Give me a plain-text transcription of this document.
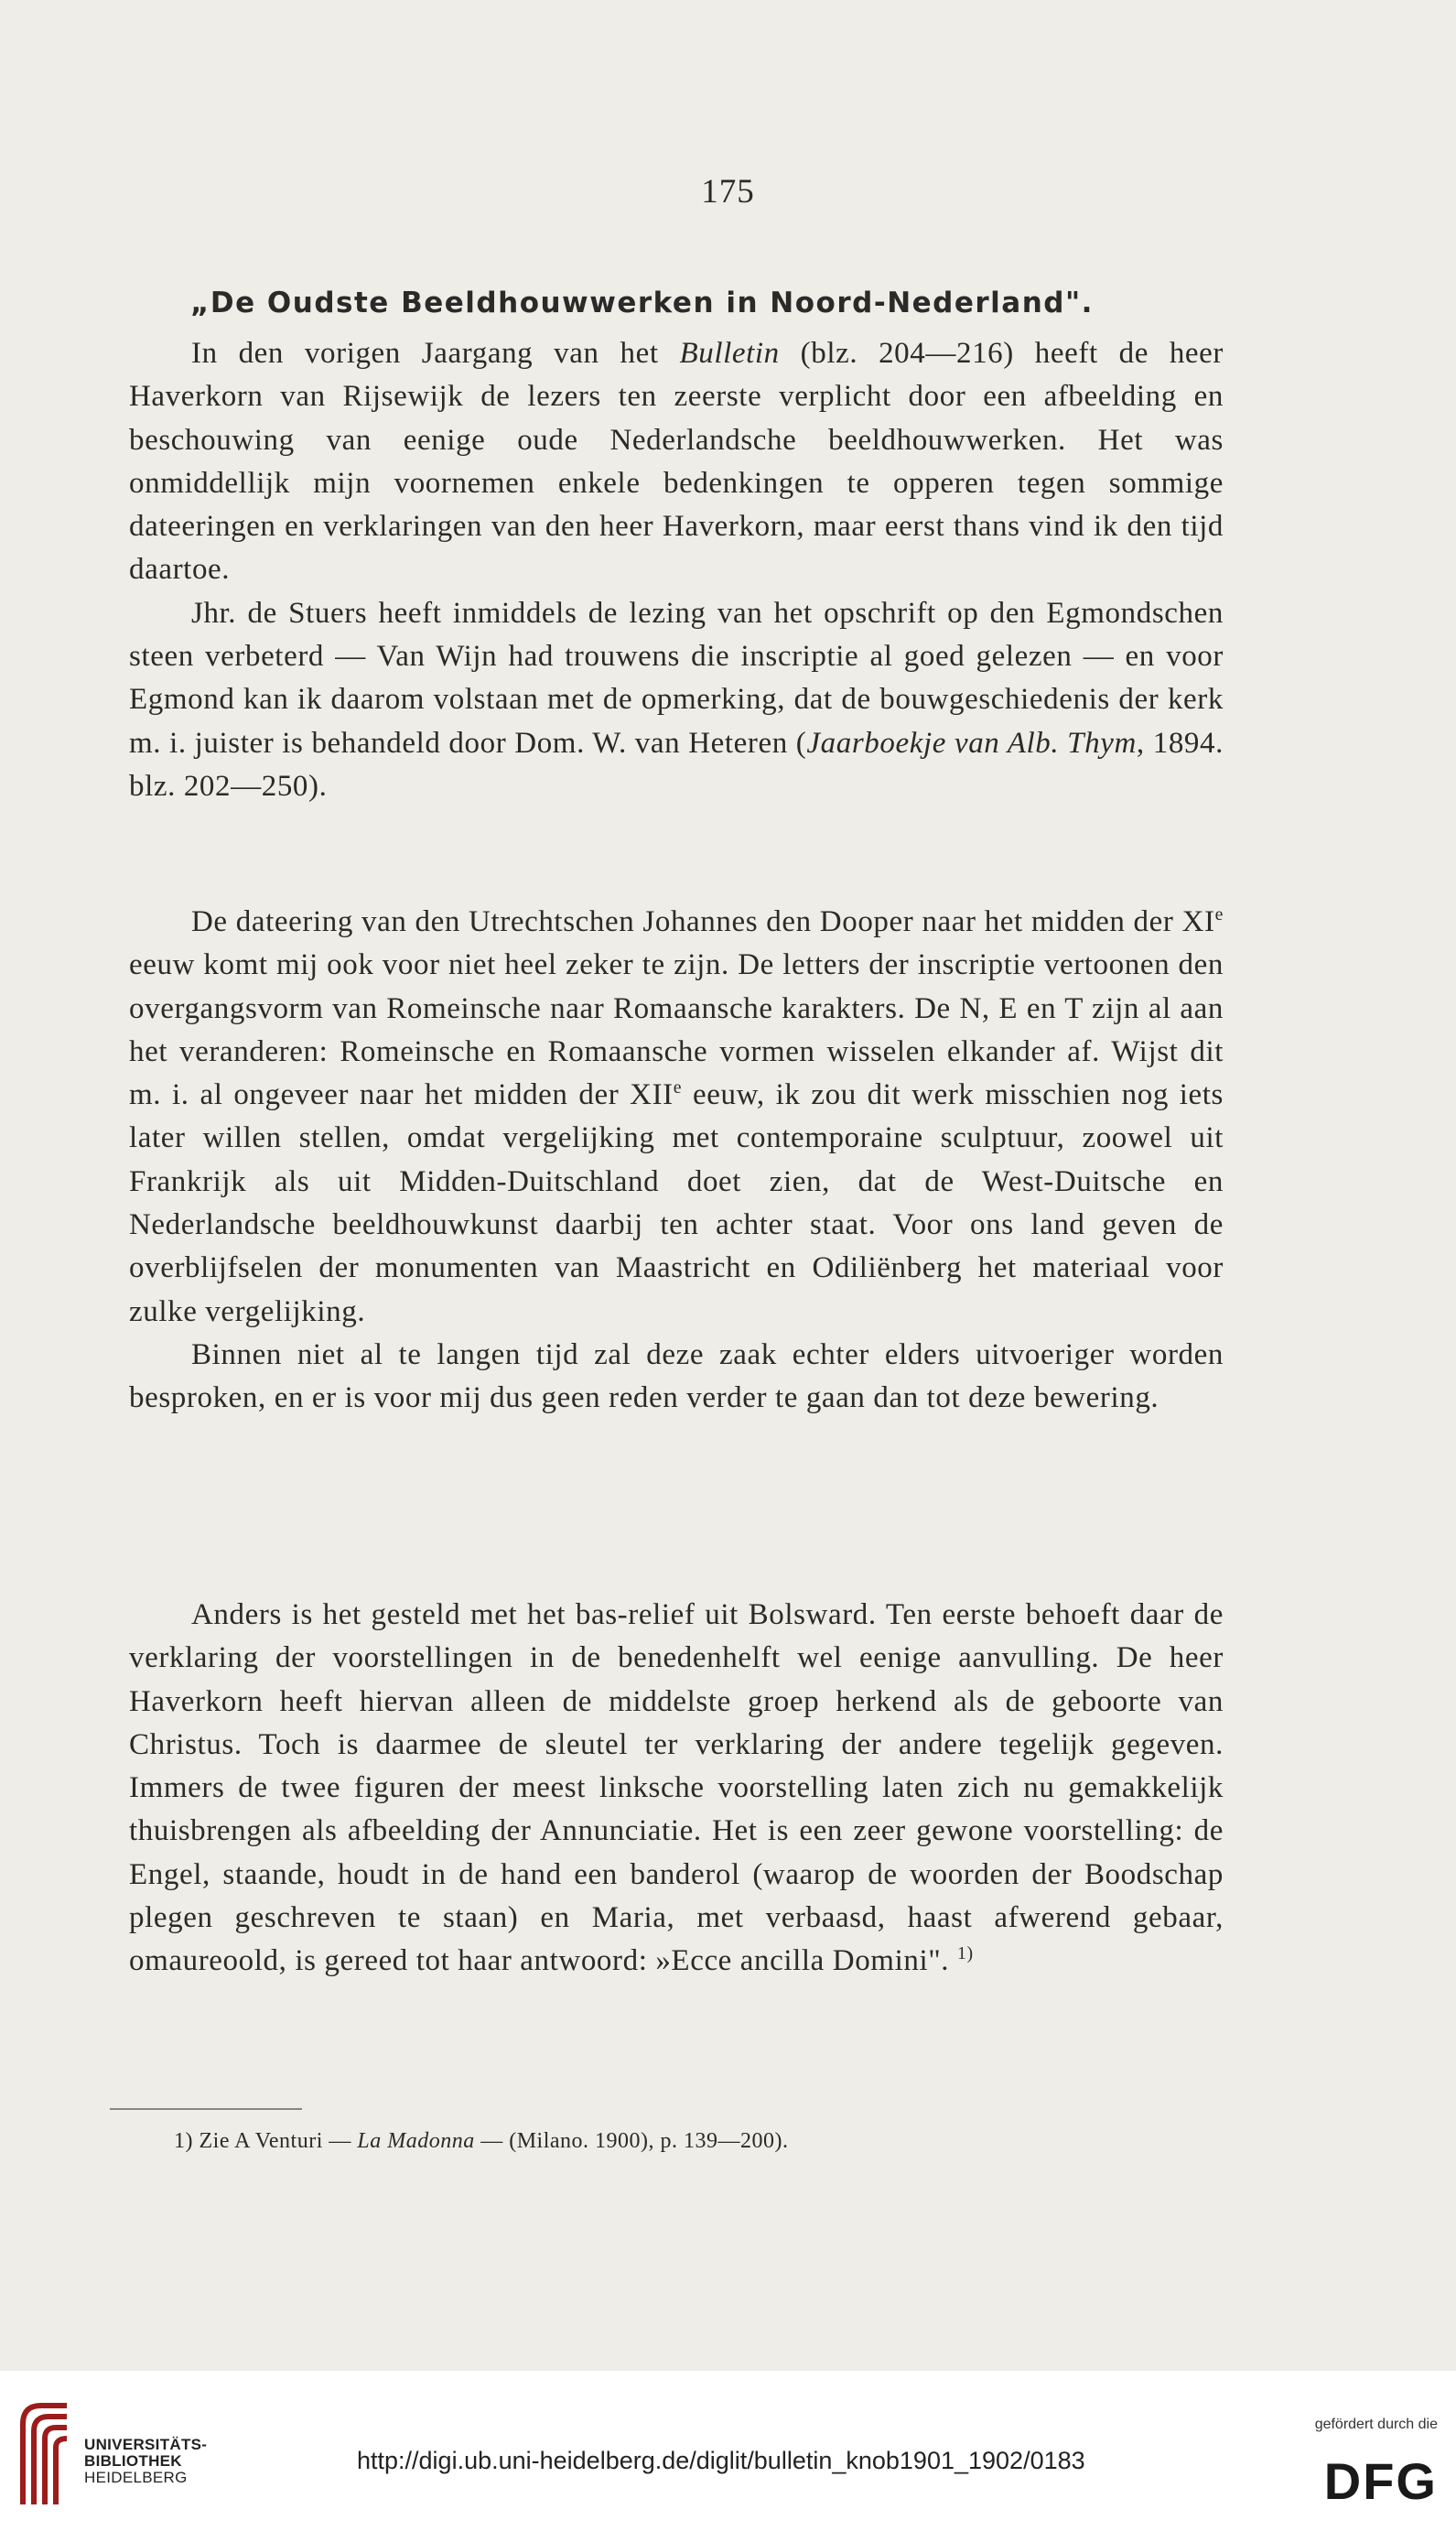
175
„De Oudste Beeldhouwwerken in Noord-Nederland".

In den vorigen Jaargang van het Bulletin (blz. 204—216) heeft de heer Haverkorn van Rijsewijk de lezers ten zeerste verplicht door een afbeelding en beschouwing van eenige oude Nederlandsche beeldhouwwerken. Het was onmiddellijk mijn voornemen enkele bedenkingen te opperen tegen sommige dateeringen en verklaringen van den heer Haverkorn, maar eerst thans vind ik den tijd daartoe.

Jhr. de Stuers heeft inmiddels de lezing van het opschrift op den Egmondschen steen verbeterd — Van Wijn had trouwens die inscriptie al goed gelezen — en voor Egmond kan ik daarom volstaan met de opmerking, dat de bouwgeschiedenis der kerk m. i. juister is behandeld door Dom. W. van Heteren (Jaarboekje van Alb. Thym, 1894. blz. 202—250).

De dateering van den Utrechtschen Johannes den Dooper naar het midden der XIe eeuw komt mij ook voor niet heel zeker te zijn. De letters der inscriptie vertoonen den overgangsvorm van Romeinsche naar Romaansche karakters. De N, E en T zijn al aan het veranderen: Romeinsche en Romaansche vormen wisselen elkander af. Wijst dit m. i. al ongeveer naar het midden der XIIe eeuw, ik zou dit werk misschien nog iets later willen stellen, omdat vergelijking met contemporaine sculptuur, zoowel uit Frankrijk als uit Midden-Duitschland doet zien, dat de West-Duitsche en Nederlandsche beeldhouwkunst daarbij ten achter staat. Voor ons land geven de overblijfselen der monumenten van Maastricht en Odiliënberg het materiaal voor zulke vergelijking.

Binnen niet al te langen tijd zal deze zaak echter elders uitvoeriger worden besproken, en er is voor mij dus geen reden verder te gaan dan tot deze bewering.

Anders is het gesteld met het bas-relief uit Bolsward. Ten eerste behoeft daar de verklaring der voorstellingen in de benedenhelft wel eenige aanvulling. De heer Haverkorn heeft hiervan alleen de middelste groep herkend als de geboorte van Christus. Toch is daarmee de sleutel ter verklaring der andere tegelijk gegeven. Immers de twee figuren der meest linksche voorstelling laten zich nu gemakkelijk thuisbrengen als afbeelding der Annunciatie. Het is een zeer gewone voorstelling: de Engel, staande, houdt in de hand een banderol (waarop de woorden der Boodschap plegen geschreven te staan) en Maria, met verbaasd, haast afwerend gebaar, omaureoold, is gereed tot haar antwoord: »Ecce ancilla Domini". $^{1)}$

1) Zie A Venturi — La Madonna — (Milano. 1900), p. 139—200).
UNIVERSITÄTS-
BIBLIOTHEK
HEIDELBERG
http://digi.ub.uni-heidelberg.de/diglit/bulletin_knob1901_1902/0183
gefördert durch die
DFG
